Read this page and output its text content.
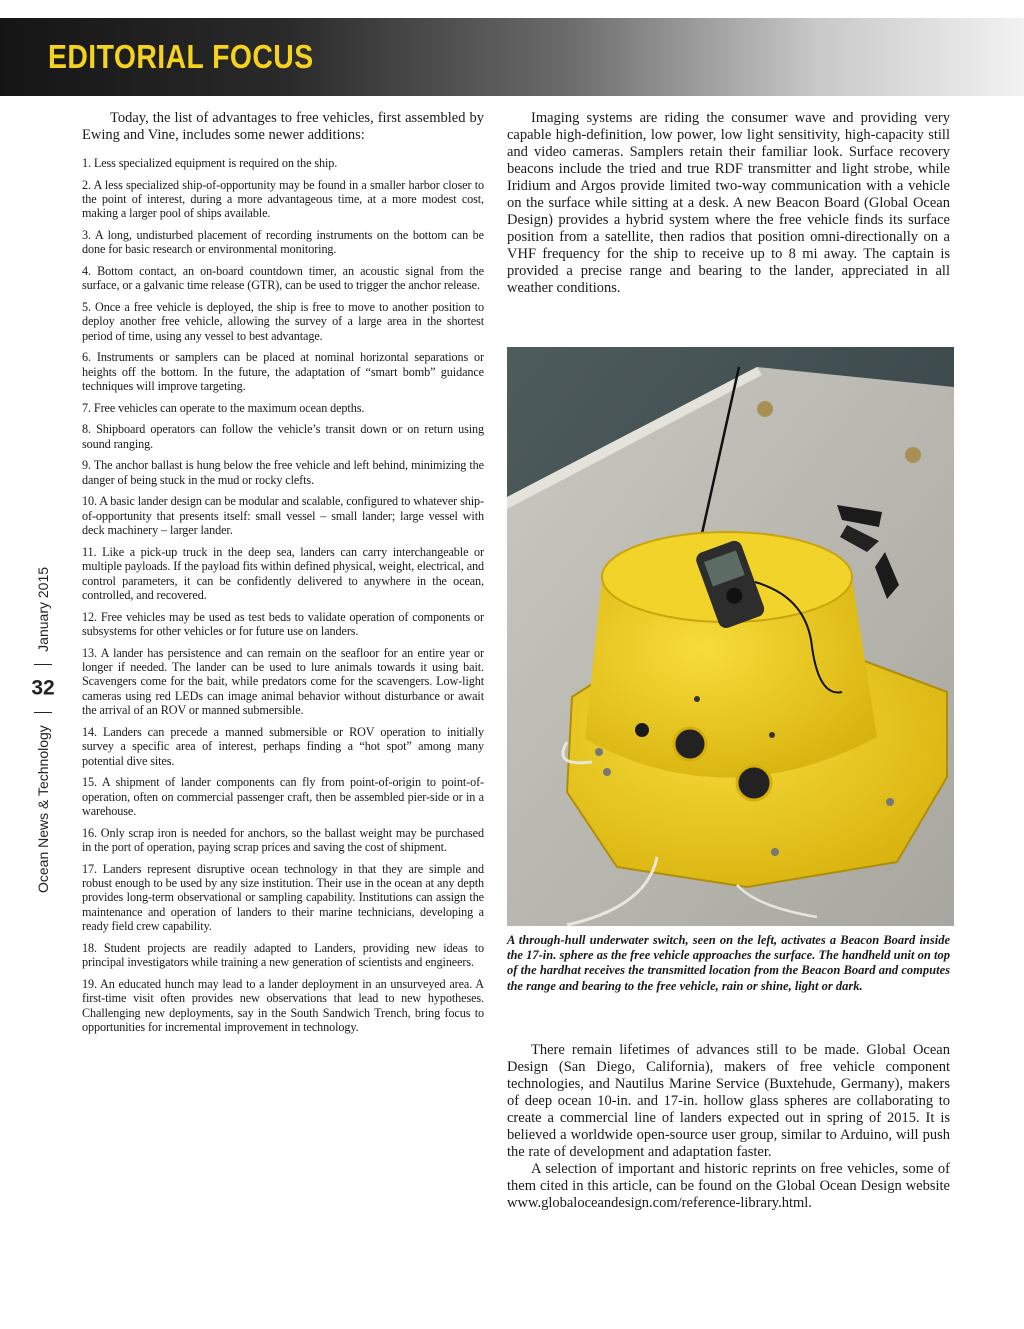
EDITORIAL FOCUS
Ocean News & Technology
32
January 2015

Today, the list of advantages to free vehicles, first assembled by Ewing and Vine, includes some newer additions:

1. Less specialized equipment is required on the ship.

2. A less specialized ship-of-opportunity may be found in a smaller harbor closer to the point of interest, during a more advantageous time, at a more modest cost, making a larger pool of ships available.

3. A long, undisturbed placement of recording instruments on the bottom can be done for basic research or environmental monitoring.

4. Bottom contact, an on-board countdown timer, an acoustic signal from the surface, or a galvanic time release (GTR), can be used to trigger the anchor release.

5. Once a free vehicle is deployed, the ship is free to move to another position to deploy another free vehicle, allowing the survey of a large area in the shortest period of time, using any vessel to best advantage.

6. Instruments or samplers can be placed at nominal horizontal separations or heights off the bottom. In the future, the adaptation of “smart bomb” guidance techniques will improve targeting.

7. Free vehicles can operate to the maximum ocean depths.

8. Shipboard operators can follow the vehicle’s transit down or on return using sound ranging.

9. The anchor ballast is hung below the free vehicle and left behind, minimizing the danger of being stuck in the mud or rocky clefts.

10. A basic lander design can be modular and scalable, configured to whatever ship-of-opportunity that presents itself: small vessel – small lander; large vessel with deck machinery – larger lander.

11. Like a pick-up truck in the deep sea, landers can carry interchangeable or multiple payloads. If the payload fits within defined physical, weight, electrical, and control parameters, it can be confidently delivered to anywhere in the ocean, controlled, and recovered.

12. Free vehicles may be used as test beds to validate operation of components or subsystems for other vehicles or for future use on landers.

13. A lander has persistence and can remain on the seafloor for an entire year or longer if needed. The lander can be used to lure animals towards it using bait. Scavengers come for the bait, while predators come for the scavengers. Low-light cameras using red LEDs can image animal behavior without disturbance or await the arrival of an ROV or manned submersible.

14. Landers can precede a manned submersible or ROV operation to initially survey a specific area of interest, perhaps finding a “hot spot” among many potential dive sites.

15. A shipment of lander components can fly from point-of-origin to point-of-operation, often on commercial passenger craft, then be assembled pier-side or in a warehouse.

16. Only scrap iron is needed for anchors, so the ballast weight may be purchased in the port of operation, paying scrap prices and saving the cost of shipment.

17. Landers represent disruptive ocean technology in that they are simple and robust enough to be used by any size institution. Their use in the ocean at any depth provides long-term observational or sampling capability. Institutions can assign the maintenance and operation of landers to their marine technicians, developing a ready field crew capability.

18. Student projects are readily adapted to Landers, providing new ideas to principal investigators while training a new generation of scientists and engineers.

19. An educated hunch may lead to a lander deployment in an unsurveyed area. A first-time visit often provides new observations that lead to new hypotheses. Challenging new deployments, say in the South Sandwich Trench, bring focus to opportunities for incremental improvement in technology.

Imaging systems are riding the consumer wave and providing very capable high-definition, low power, low light sensitivity, high-capacity still and video cameras. Samplers retain their familiar look. Surface recovery beacons include the tried and true RDF transmitter and light strobe, while Iridium and Argos provide limited two-way communication with a vehicle on the surface while sitting at a desk. A new Beacon Board (Global Ocean Design) provides a hybrid system where the free vehicle finds its surface position from a satellite, then radios that position omni-directionally on a VHF frequency for the ship to receive up to 8 mi away. The captain is provided a precise range and bearing to the lander, appreciated in all weather conditions.

A through-hull underwater switch, seen on the left, activates a Beacon Board inside the 17-in. sphere as the free vehicle approaches the surface. The handheld unit on top of the hardhat receives the transmitted location from the Beacon Board and computes the range and bearing to the free vehicle, rain or shine, light or dark.

There remain lifetimes of advances still to be made. Global Ocean Design (San Diego, California), makers of free vehicle component technologies, and Nautilus Marine Service (Buxtehude, Germany), makers of deep ocean 10-in. and 17-in. hollow glass spheres are collaborating to create a commercial line of landers expected out in spring of 2015. It is believed a worldwide open-source user group, similar to Arduino, will push the rate of development and adaptation faster.

A selection of important and historic reprints on free vehicles, some of them cited in this article, can be found on the Global Ocean Design website www.globaloceandesign.com/reference-library.html.
